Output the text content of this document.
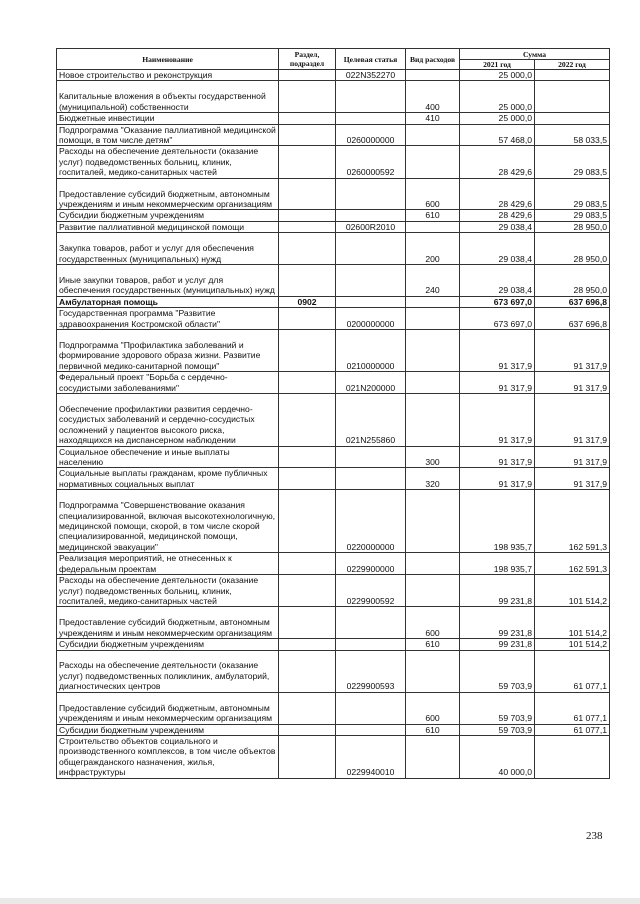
Наименование	Раздел, подраздел	Целевая статья	Вид расходов	Сумма	
				2021 год	2022 год
Новое строительство и реконструкция		022N352270		25 000,0	
Капитальные вложения в объекты государственной (муниципальной) собственности			400	25 000,0	
Бюджетные инвестиции			410	25 000,0	
Подпрограмма "Оказание паллиативной медицинской помощи, в том числе детям"		0260000000		57 468,0	58 033,5
Расходы на обеспечение деятельности (оказание услуг) подведомственных больниц, клиник, госпиталей, медико-санитарных частей		0260000592		28 429,6	29 083,5
Предоставление субсидий бюджетным, автономным учреждениям и иным некоммерческим организациям			600	28 429,6	29 083,5
Субсидии бюджетным учреждениям			610	28 429,6	29 083,5
Развитие паллиативной медицинской помощи		02600R2010		29 038,4	28 950,0
Закупка товаров, работ и услуг для обеспечения государственных (муниципальных) нужд			200	29 038,4	28 950,0
Иные закупки товаров, работ и услуг для обеспечения государственных (муниципальных) нужд			240	29 038,4	28 950,0
Амбулаторная помощь	0902			673 697,0	637 696,8
Государственная программа "Развитие здравоохранения Костромской области"		0200000000		673 697,0	637 696,8
Подпрограмма "Профилактика заболеваний и формирование здорового образа жизни. Развитие первичной медико-санитарной помощи"		0210000000		91 317,9	91 317,9
Федеральный проект "Борьба с сердечно-сосудистыми заболеваниями"		021N200000		91 317,9	91 317,9
Обеспечение профилактики развития сердечно-сосудистых заболеваний и сердечно-сосудистых осложнений у пациентов высокого риска, находящихся на диспансерном наблюдении		021N255860		91 317,9	91 317,9
Социальное обеспечение и иные выплаты населению			300	91 317,9	91 317,9
Социальные выплаты гражданам, кроме публичных нормативных социальных выплат			320	91 317,9	91 317,9
Подпрограмма "Совершенствование оказания специализированной, включая высокотехнологичную, медицинской помощи, скорой, в том числе скорой специализированной, медицинской помощи, медицинской эвакуации"		0220000000		198 935,7	162 591,3
Реализация мероприятий, не отнесенных к федеральным проектам		0229900000		198 935,7	162 591,3
Расходы на обеспечение деятельности (оказание услуг) подведомственных больниц, клиник, госпиталей, медико-санитарных частей		0229900592		99 231,8	101 514,2
Предоставление субсидий бюджетным, автономным учреждениям и иным некоммерческим организациям			600	99 231,8	101 514,2
Субсидии бюджетным учреждениям			610	99 231,8	101 514,2
Расходы на обеспечение деятельности (оказание услуг) подведомственных поликлиник, амбулаторий, диагностических центров		0229900593		59 703,9	61 077,1
Предоставление субсидий бюджетным, автономным учреждениям и иным некоммерческим организациям			600	59 703,9	61 077,1
Субсидии бюджетным учреждениям			610	59 703,9	61 077,1
Строительство объектов социального и производственного комплексов, в том числе объектов общегражданского назначения, жилья, инфраструктуры		0229940010		40 000,0	
238
